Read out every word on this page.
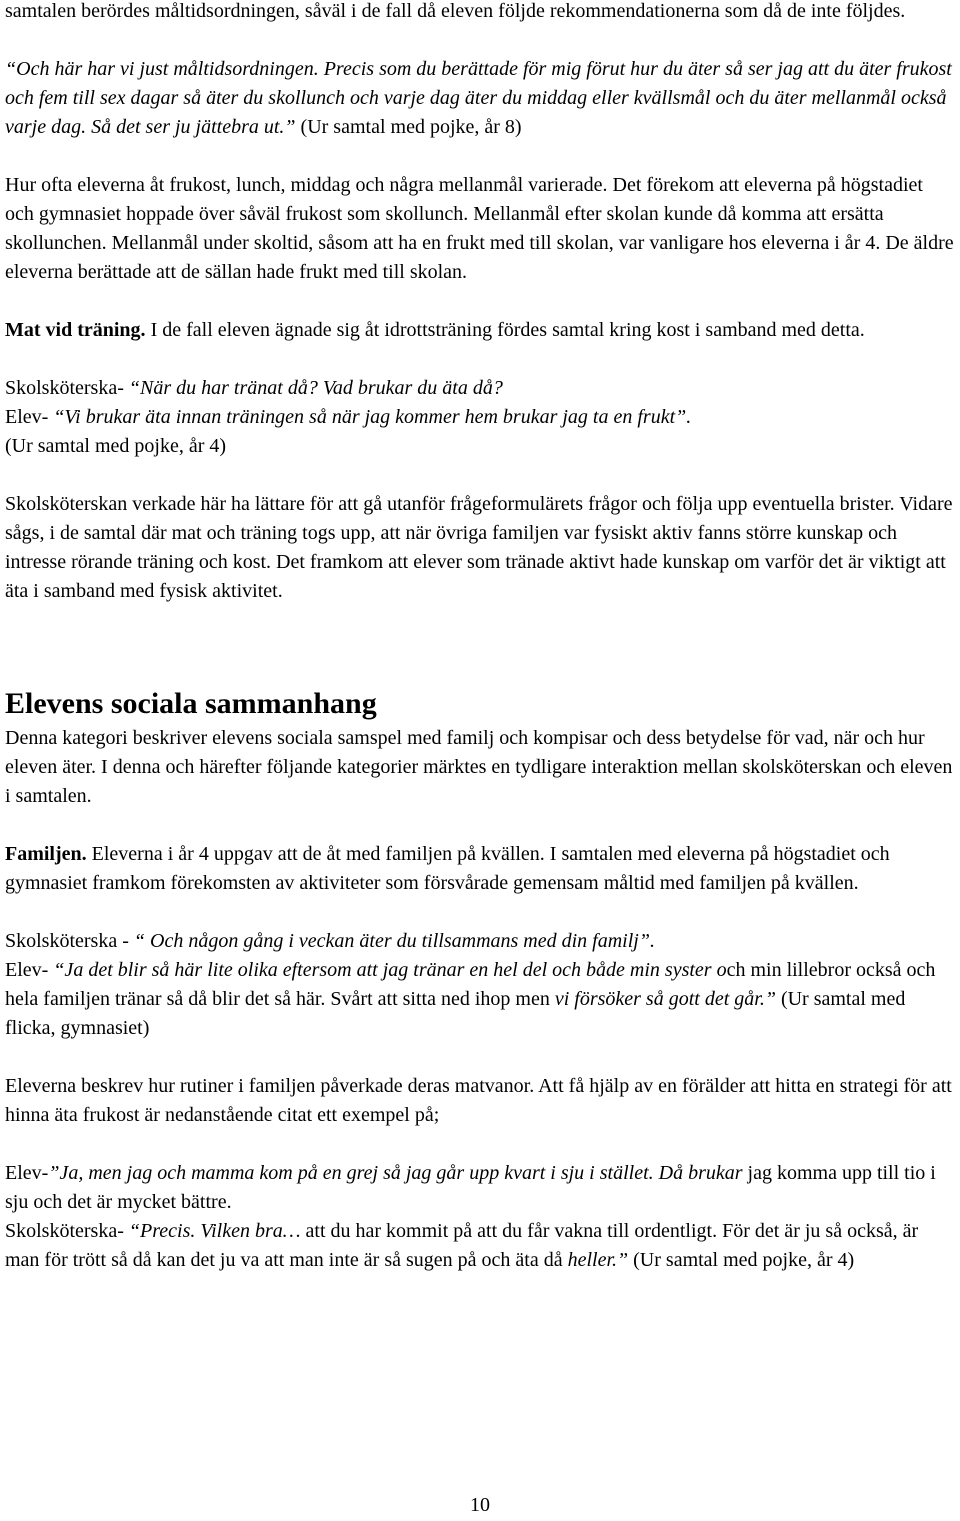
samtalen berördes måltidsordningen, såväl i de fall då eleven följde rekommendationerna som då de inte följdes.

“Och här har vi just måltidsordningen. Precis som du berättade för mig förut hur du äter så ser jag att du äter frukost och fem till sex dagar så äter du skollunch och varje dag äter du middag eller kvällsmål och du äter mellanmål också varje dag. Så det ser ju jättebra ut.” (Ur samtal med pojke, år 8)

Hur ofta eleverna åt frukost, lunch, middag och några mellanmål varierade. Det förekom att eleverna på högstadiet och gymnasiet hoppade över såväl frukost som skollunch. Mellanmål efter skolan kunde då komma att ersätta skollunchen. Mellanmål under skoltid, såsom att ha en frukt med till skolan, var vanligare hos eleverna i år 4. De äldre eleverna berättade att de sällan hade frukt med till skolan.

Mat vid träning. I de fall eleven ägnade sig åt idrottsträning fördes samtal kring kost i samband med detta.

Skolsköterska- “När du har tränat då? Vad brukar du äta då?

Elev- “Vi brukar äta innan träningen så när jag kommer hem brukar jag ta en frukt”.

(Ur samtal med pojke, år 4)

Skolsköterskan verkade här ha lättare för att gå utanför frågeformulärets frågor och följa upp eventuella brister. Vidare sågs, i de samtal där mat och träning togs upp, att när övriga familjen var fysiskt aktiv fanns större kunskap och intresse rörande träning och kost. Det framkom att elever som tränade aktivt hade kunskap om varför det är viktigt att äta i samband med fysisk aktivitet.

Elevens sociala sammanhang

Denna kategori beskriver elevens sociala samspel med familj och kompisar och dess betydelse för vad, när och hur eleven äter. I denna och härefter följande kategorier märktes en tydligare interaktion mellan skolsköterskan och eleven i samtalen.

Familjen. Eleverna i år 4 uppgav att de åt med familjen på kvällen. I samtalen med eleverna på högstadiet och gymnasiet framkom förekomsten av aktiviteter som försvårade gemensam måltid med familjen på kvällen.

Skolsköterska - “ Och någon gång i veckan äter du tillsammans med din familj”.

Elev- “Ja det blir så här lite olika eftersom att jag tränar en hel del och både min syster och min lillebror också och hela familjen tränar så då blir det så här. Svårt att sitta ned ihop men vi försöker så gott det går.” (Ur samtal med flicka, gymnasiet)

Eleverna beskrev hur rutiner i familjen påverkade deras matvanor. Att få hjälp av en förälder att hitta en strategi för att hinna äta frukost är nedanstående citat ett exempel på;

Elev-”Ja, men jag och mamma kom på en grej så jag går upp kvart i sju i stället. Då brukar jag komma upp till tio i sju och det är mycket bättre.

Skolsköterska- “Precis. Vilken bra… att du har kommit på att du får vakna till ordentligt. För det är ju så också, är man för trött så då kan det ju va att man inte är så sugen på och äta då heller.” (Ur samtal med pojke, år 4)

10
